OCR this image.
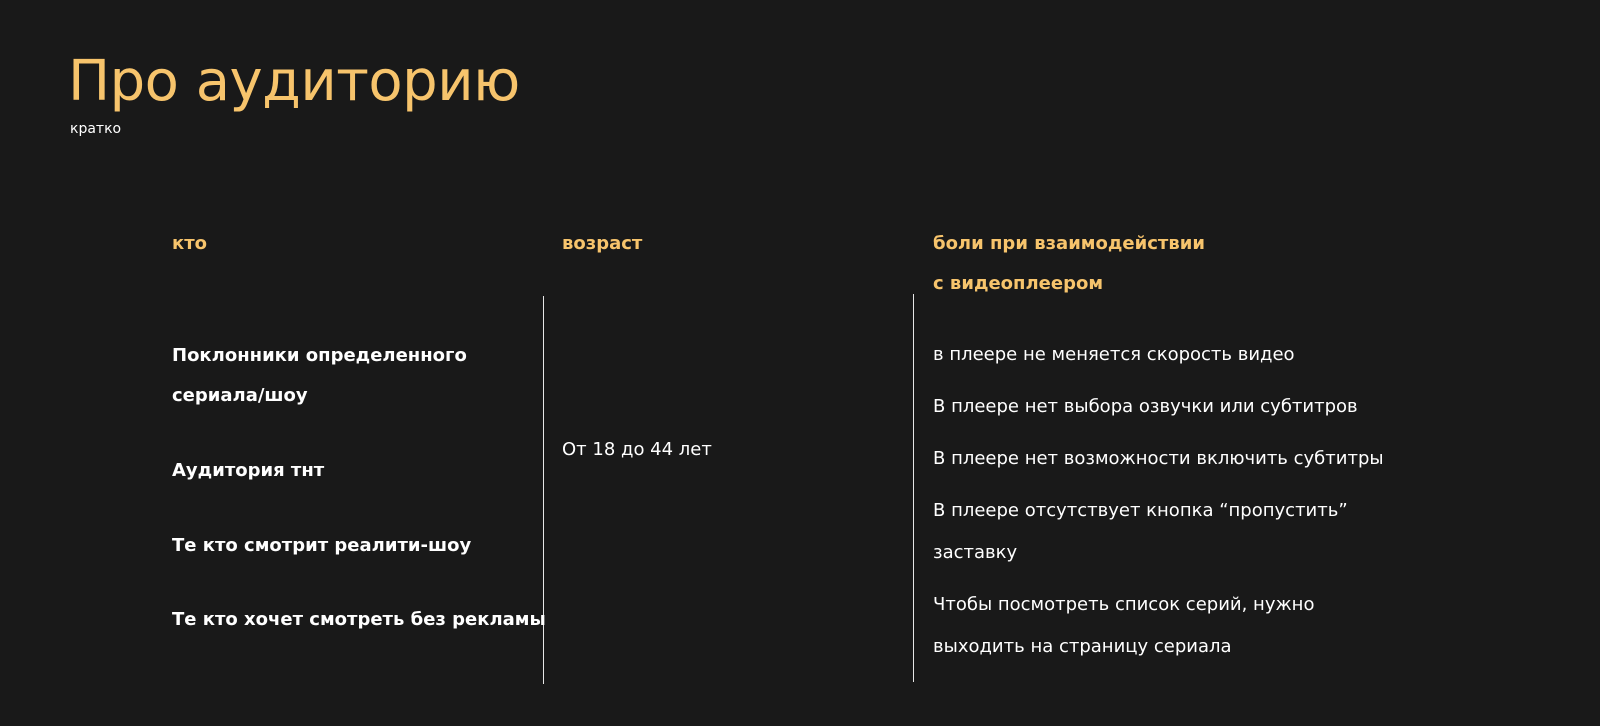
Про аудиторию
кратко
кто	возраст	боли при взаимодействии
с видеоплеером
Поклонники определенного
сериала/шоу
Аудитория тнт
Те кто смотрит реалити-шоу
Те кто хочет смотреть без рекламы
От 18 до 44 лет
в плеере не меняется скорость видео
В плеере нет выбора озвучки или субтитров
В плеере нет возможности включить субтитры
В плеере отсутствует кнопка “пропустить”
заставку
Чтобы посмотреть список серий, нужно
выходить на страницу сериала
